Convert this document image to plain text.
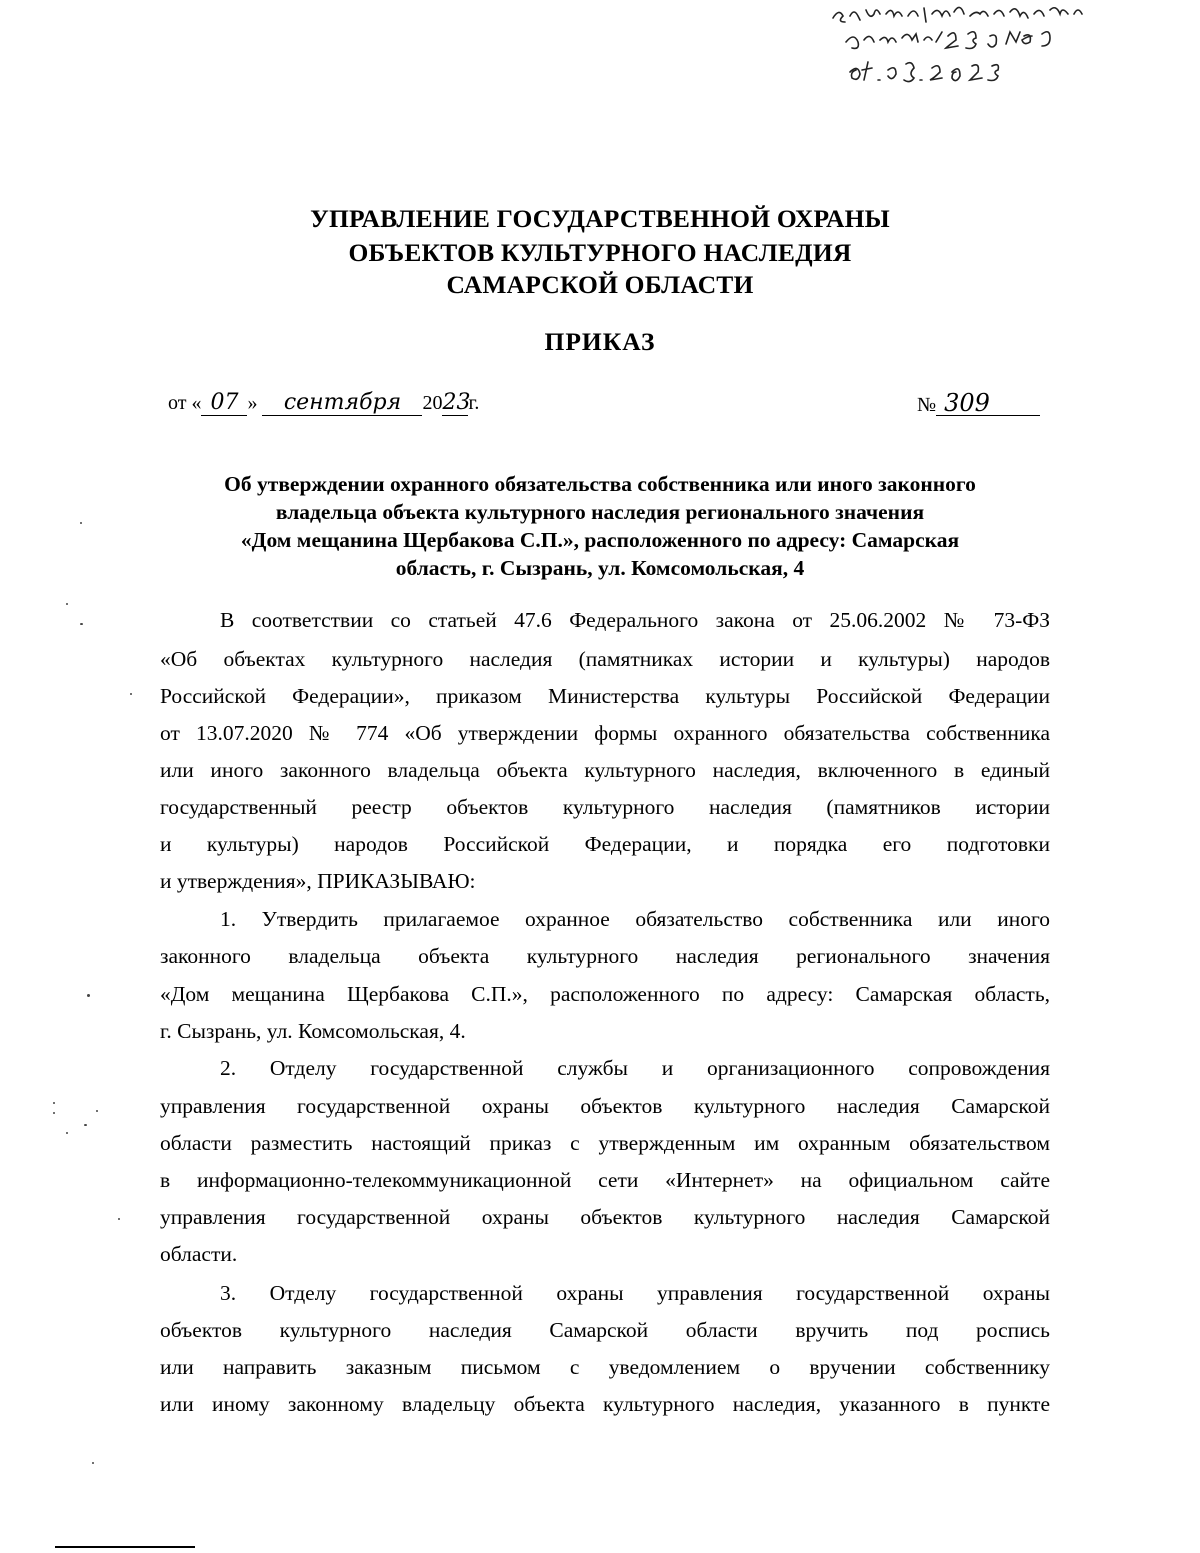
УПРАВЛЕНИЕ ГОСУДАРСТВЕННОЙ ОХРАНЫ
ОБЪЕКТОВ КУЛЬТУРНОГО НАСЛЕДИЯ
САМАРСКОЙ ОБЛАСТИ
ПРИКАЗ
от « 07 » сентября 2023г.	№ 309
Об утверждении охранного обязательства собственника или иного законного
владельца объекта культурного наследия регионального значения
«Дом мещанина Щербакова С.П.», расположенного по адресу: Самарская
область, г. Сызрань, ул. Комсомольская, 4
В соответствии со статьей 47.6 Федерального закона от 25.06.2002 № 73-ФЗ
«Об объектах культурного наследия (памятниках истории и культуры) народов
Российской Федерации», приказом Министерства культуры Российской Федерации
от 13.07.2020 № 774 «Об утверждении формы охранного обязательства собственника
или иного законного владельца объекта культурного наследия, включенного в единый
государственный реестр объектов культурного наследия (памятников истории
и культуры) народов Российской Федерации, и порядка его подготовки
и утверждения», ПРИКАЗЫВАЮ:
1. Утвердить прилагаемое охранное обязательство собственника или иного
законного владельца объекта культурного наследия регионального значения
«Дом мещанина Щербакова С.П.», расположенного по адресу: Самарская область,
г. Сызрань, ул. Комсомольская, 4.
2. Отделу государственной службы и организационного сопровождения
управления государственной охраны объектов культурного наследия Самарской
области разместить настоящий приказ с утвержденным им охранным обязательством
в информационно-телекоммуникационной сети «Интернет» на официальном сайте
управления государственной охраны объектов культурного наследия Самарской
области.
3. Отделу государственной охраны управления государственной охраны
объектов культурного наследия Самарской области вручить под роспись
или направить заказным письмом с уведомлением о вручении собственнику
или иному законному владельцу объекта культурного наследия, указанного в пункте
